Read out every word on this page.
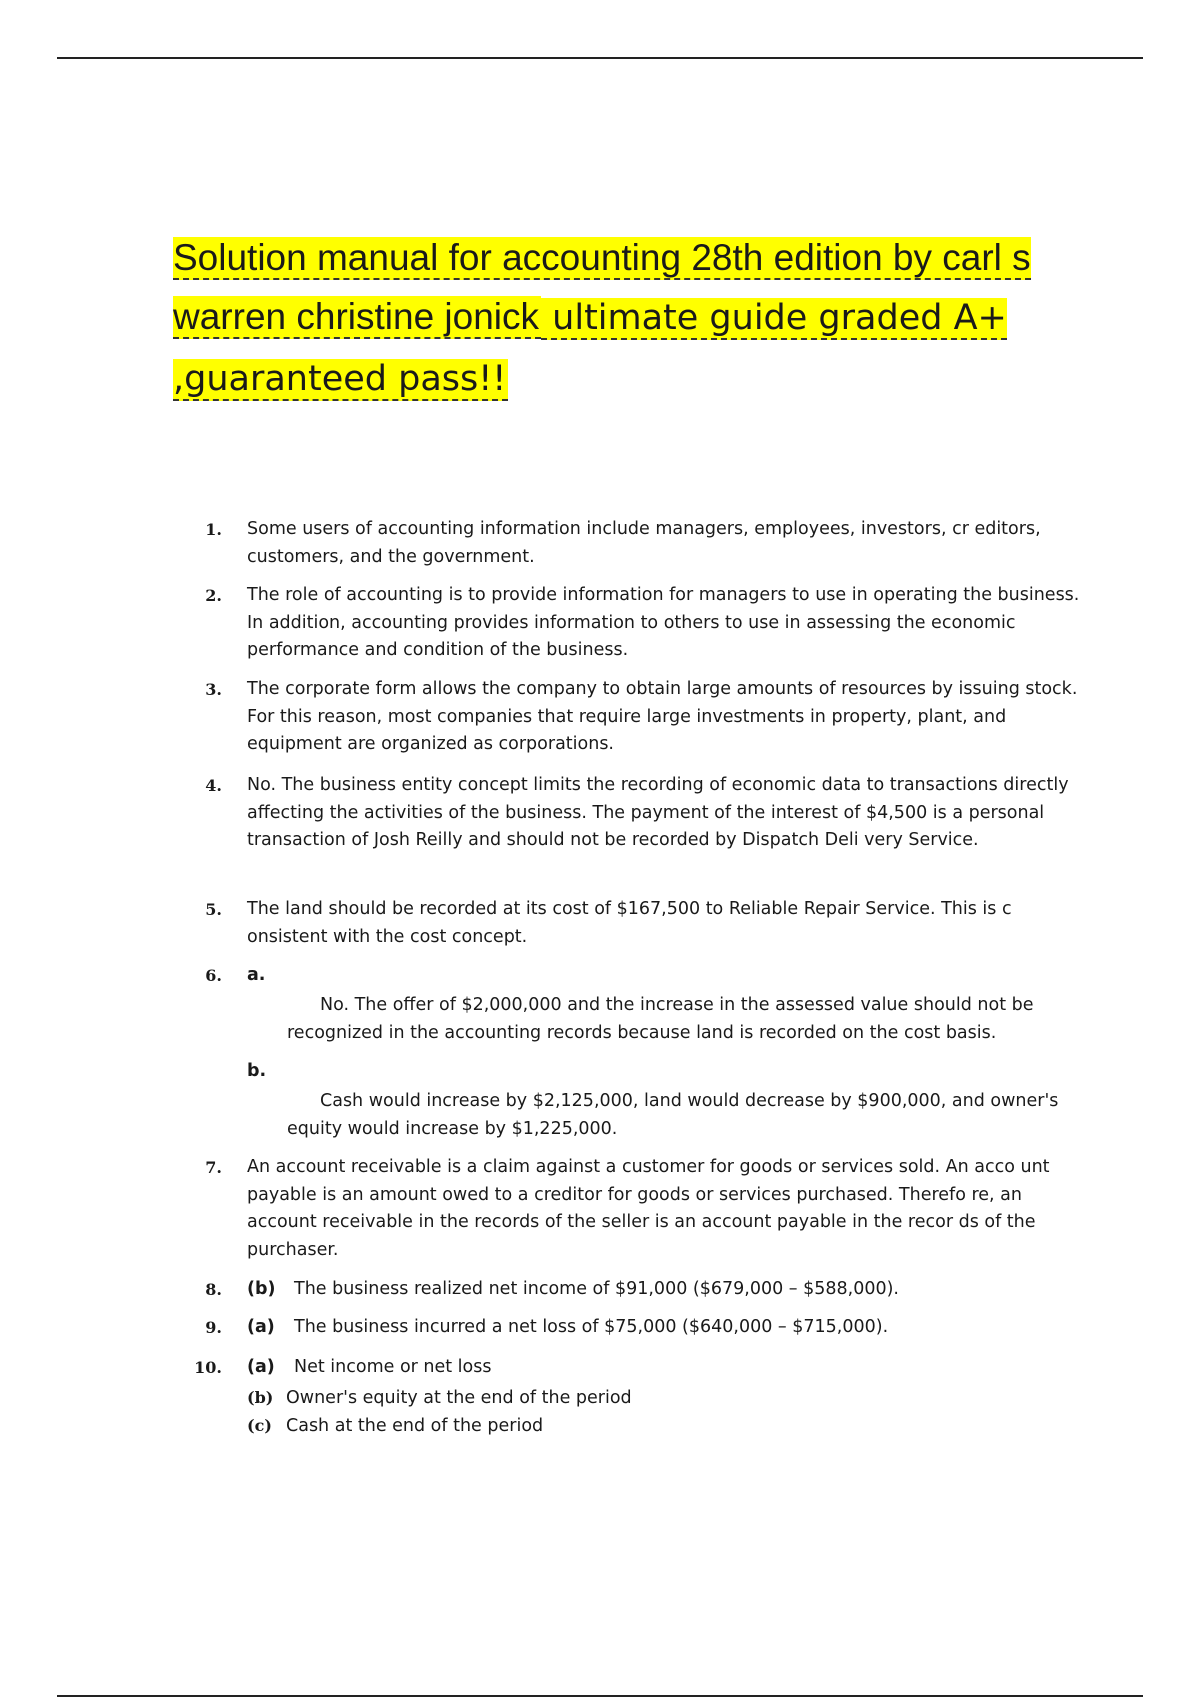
Solution manual for accounting 28th edition by carl s warren christine jonick ultimate guide graded A+ ,guaranteed pass!!
1. Some users of accounting information include managers, employees, investors, cr editors, customers, and the government.

2. The role of accounting is to provide information for managers to use in operating the business. In addition, accounting provides information to others to use in assessing the economic performance and condition of the business.

3. The corporate form allows the company to obtain large amounts of resources by issuing stock. For this reason, most companies that require large investments in property, plant, and equipment are organized as corporations.

4. No. The business entity concept limits the recording of economic data to transactions directly affecting the activities of the business. The payment of the interest of $4,500 is a personal transaction of Josh Reilly and should not be recorded by Dispatch Deli very Service.

5. The land should be recorded at its cost of $167,500 to Reliable Repair Service. This is c onsistent with the cost concept.

6. a.

No. The offer of $2,000,000 and the increase in the assessed value should not be recognized in the accounting records because land is recorded on the cost basis.

b.

Cash would increase by $2,125,000, land would decrease by $900,000, and owner's equity would increase by $1,225,000.

7. An account receivable is a claim against a customer for goods or services sold. An acco unt payable is an amount owed to a creditor for goods or services purchased. Therefo re, an account receivable in the records of the seller is an account payable in the recor ds of the purchaser.

8. (b) The business realized net income of $91,000 ($679,000 – $588,000).

9. (a) The business incurred a net loss of $75,000 ($640,000 – $715,000).

10. (a) Net income or net loss

(b) Owner's equity at the end of the period

(c) Cash at the end of the period
